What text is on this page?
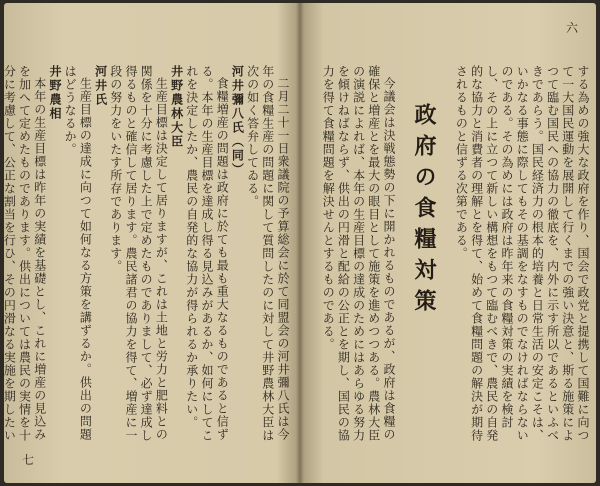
六

する為めの強大な政府を作り、国会で政党と提携して国難に向つて一大国民運動を展開して行くまでの強い決意と、斯る施策によつて臨む国民への協力の徹底を、内外に示す所以であるといふべきであらう。国民経済力の根本的培養と日常生活の安定こそは、いかなる事態に際してもその基調をなすものでなければならないのである。その為めには政府は昨年来の食糧対策の実績を検討し、その上に立つて新しい構想をもつて臨むべきで、農民の自発的な協力と消費者の理解とを得て、始めて食糧問題の解決が期待されるものと信ずる次第である。

政府の食糧対策

今議会は決戦態勢の下に開かれるものであるが、政府は食糧の確保と増産とを最大の眼目として施策を進めつつある。農林大臣の演説によれば、本年の生産目標の達成のためにはあらゆる努力を傾けねばならず、供出の円滑と配給の公正とを期し、国民の協力を得て食糧問題を解決せんとするものである。

二月二十一日衆議院の予算総会に於て同盟会の河井彌八氏は今年の食糧生産の問題に関して質問したのに対して井野農林大臣は次の如く答弁してゐる。

河井彌八氏（同）

食糧増産の問題は政府に於ても最も重大なるものであると信ずる。本年の生産目標を達成し得る見込みがあるか、如何にしてこれを決定したか、農民の自発的な協力が得られるか承りたい。

井野農林大臣

生産目標は決定して居りますが、これは土地と労力と肥料との関係を十分に考慮した上で定めたものでありまして、必ず達成し得るものと確信して居ります。農民諸君の協力を得て、増産に一段の努力をいたす所存であります。

河井氏

生産目標の達成に向つて如何なる方策を講ずるか。供出の問題はどうなるか。

井野農相

本年の生産目標は昨年の実績を基礎とし、これに増産の見込みを加へて定めたものであります。供出については農民の実情を十分に考慮して、公正な割当を行ひ、その円滑なる実施を期したい

七
